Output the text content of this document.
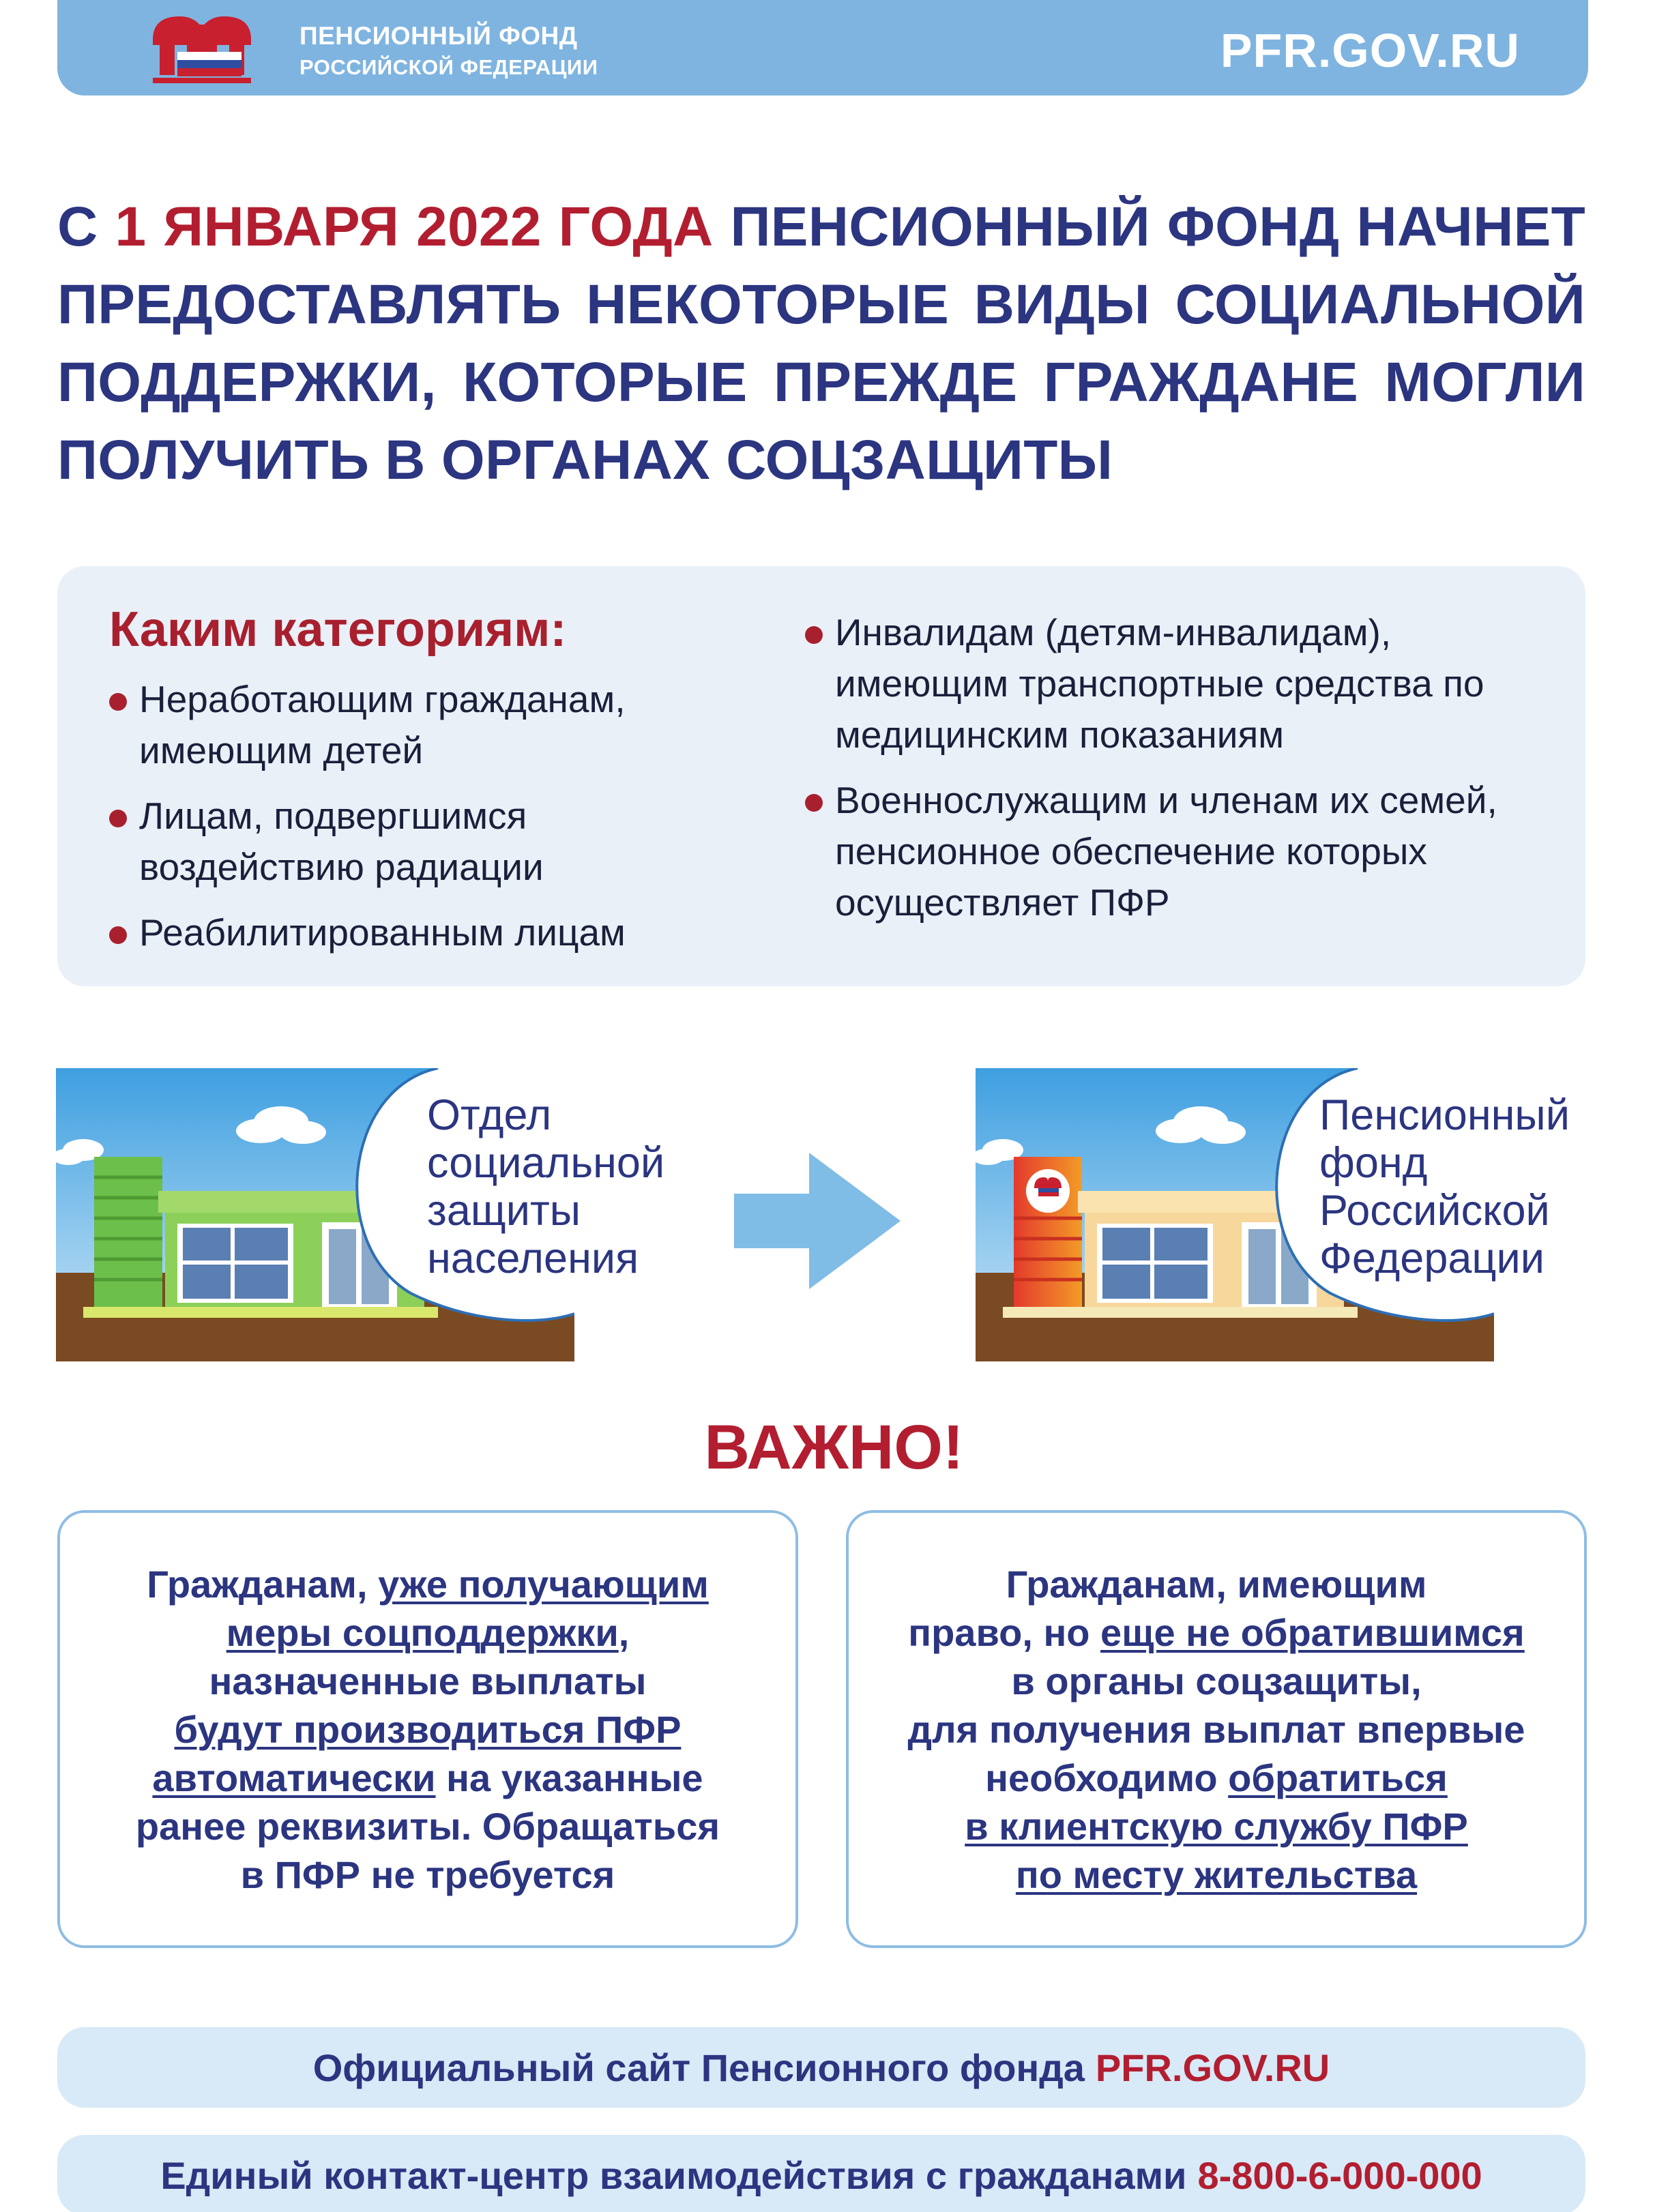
ПЕНСИОННЫЙ ФОНД
РОССИЙСКОЙ ФЕДЕРАЦИИ	PFR.GOV.RU
С 1 ЯНВАРЯ 2022 ГОДА ПЕНСИОННЫЙ ФОНД НАЧНЕТ ПРЕДОСТАВЛЯТЬ НЕКОТОРЫЕ ВИДЫ СОЦИАЛЬНОЙ ПОДДЕРЖКИ, КОТОРЫЕ ПРЕЖДЕ ГРАЖДАНЕ МОГЛИ ПОЛУЧИТЬ В ОРГАНАХ СОЦЗАЩИТЫ
Каким категориям:
Неработающим гражданам, имеющим детей
Лицам, подвергшимся воздействию радиации
Реабилитированным лицам
Инвалидам (детям-инвалидам), имеющим транспортные средства по медицинским показаниям
Военнослужащим и членам их семей, пенсионное обеспечение которых осуществляет ПФР
Отдел
социальной
защиты
населения
Пенсионный
фонд
Российской
Федерации
ВАЖНО!
Гражданам, уже получающим
меры соцподдержки,
назначенные выплаты
будут производиться ПФР
автоматически на указанные
ранее реквизиты. Обращаться
в ПФР не требуется
Гражданам, имеющим
право, но еще не обратившимся
в органы соцзащиты,
для получения выплат впервые
необходимо обратиться
в клиентскую службу ПФР
по месту жительства
Официальный сайт Пенсионного фонда PFR.GOV.RU
Единый контакт-центр взаимодействия с гражданами 8-800-6-000-000
